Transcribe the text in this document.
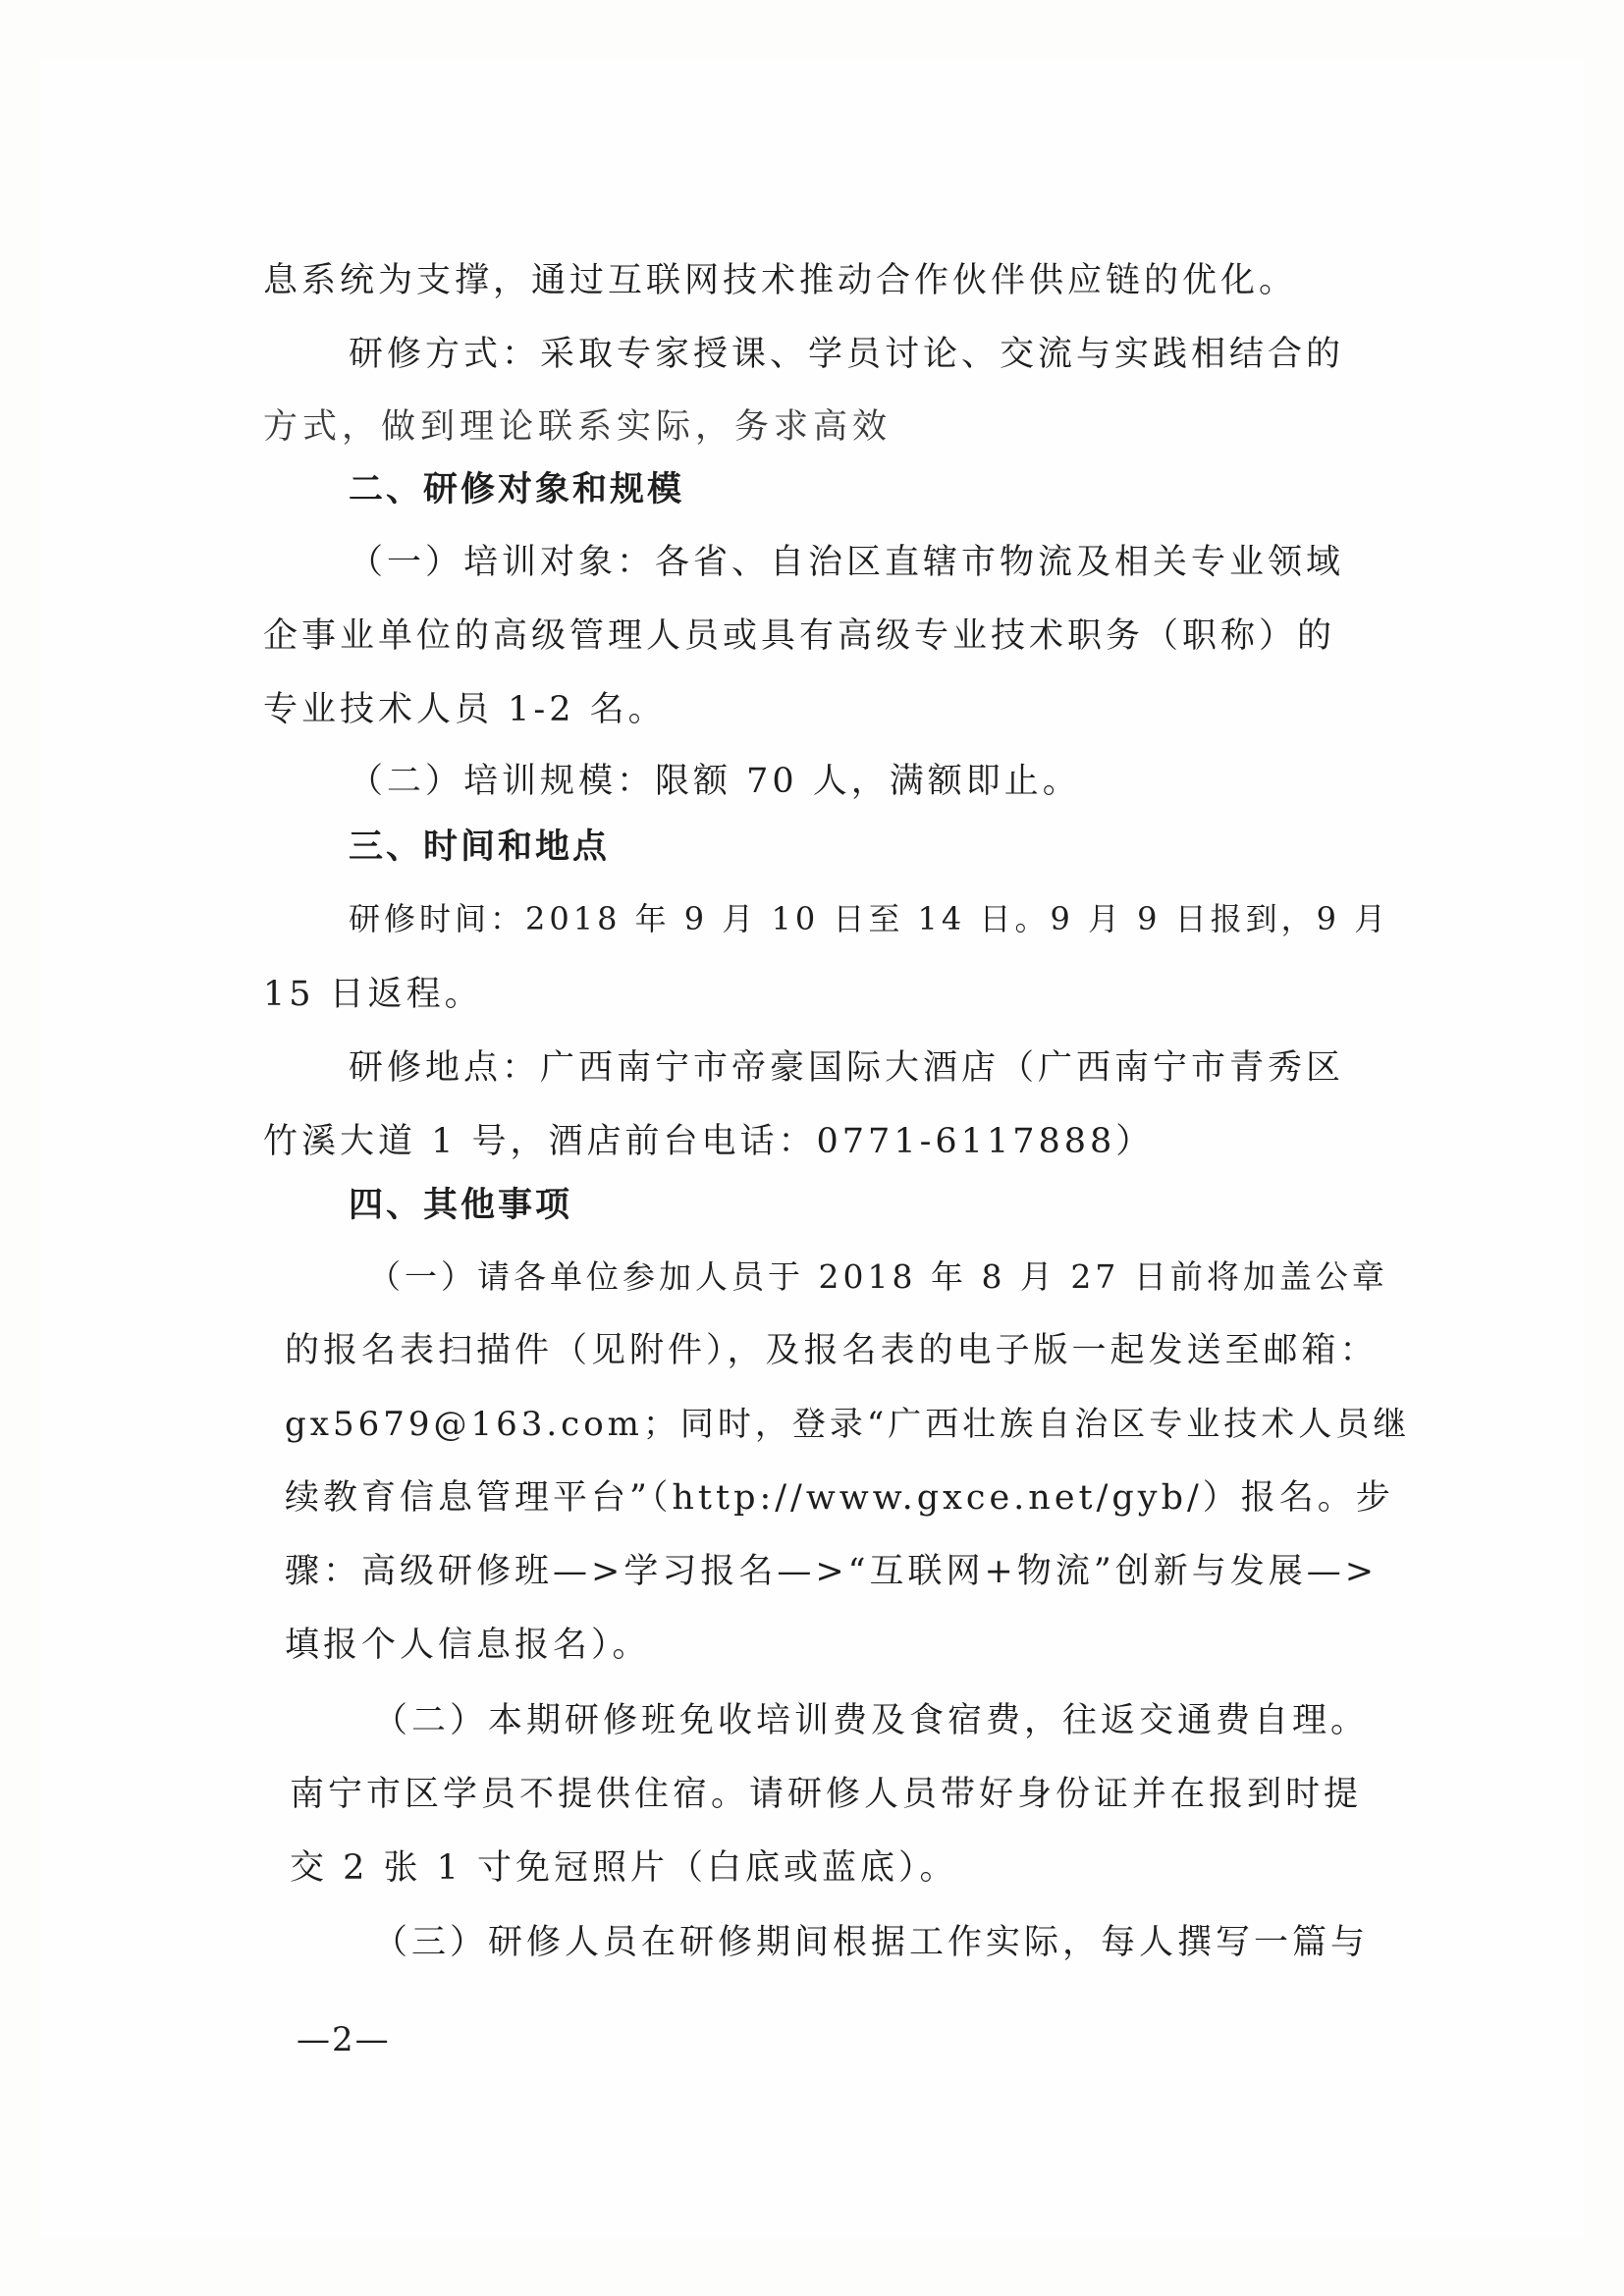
息系统为支撑，通过互联网技术推动合作伙伴供应链的优化。
研修方式：采取专家授课、学员讨论、交流与实践相结合的
方式，做到理论联系实际，务求高效
二、研修对象和规模
（一）培训对象：各省、自治区直辖市物流及相关专业领域
企事业单位的高级管理人员或具有高级专业技术职务（职称）的
专业技术人员 1-2 名。
（二）培训规模：限额 70 人，满额即止。
三、时间和地点
研修时间：2018 年 9 月 10 日至 14 日。9 月 9 日报到，9 月
15 日返程。
研修地点：广西南宁市帝豪国际大酒店（广西南宁市青秀区
竹溪大道 1 号，酒店前台电话：0771-6117888）
四、其他事项
（一）请各单位参加人员于 2018 年 8 月 27 日前将加盖公章
的报名表扫描件（见附件），及报名表的电子版一起发送至邮箱：
gx5679@163.com；同时，登录“广西壮族自治区专业技术人员继
续教育信息管理平台”（http://www.gxce.net/gyb/）报名。步
骤：高级研修班—>学习报名—>“互联网+物流”创新与发展—>
填报个人信息报名）。
（二）本期研修班免收培训费及食宿费，往返交通费自理。
南宁市区学员不提供住宿。请研修人员带好身份证并在报到时提
交 2 张 1 寸免冠照片（白底或蓝底）。
（三）研修人员在研修期间根据工作实际，每人撰写一篇与
—2—
